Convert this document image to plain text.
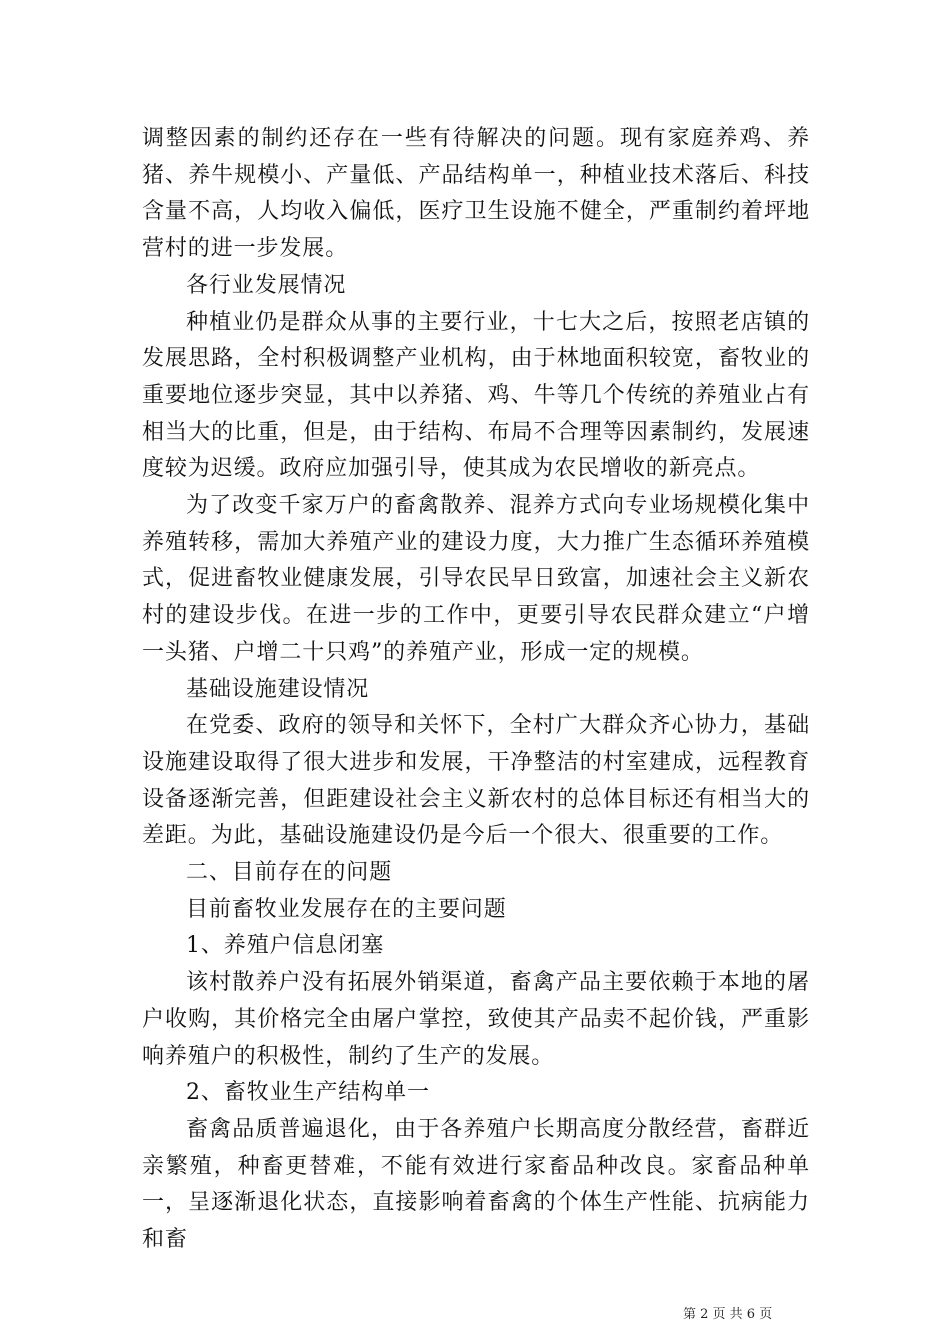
调整因素的制约还存在一些有待解决的问题。现有家庭养鸡、养猪、养牛规模小、产量低、产品结构单一，种植业技术落后、科技含量不高，人均收入偏低，医疗卫生设施不健全，严重制约着坪地营村的进一步发展。

各行业发展情况

种植业仍是群众从事的主要行业，十七大之后，按照老店镇的发展思路，全村积极调整产业机构，由于林地面积较宽，畜牧业的重要地位逐步突显，其中以养猪、鸡、牛等几个传统的养殖业占有相当大的比重，但是，由于结构、布局不合理等因素制约，发展速度较为迟缓。政府应加强引导，使其成为农民增收的新亮点。

为了改变千家万户的畜禽散养、混养方式向专业场规模化集中养殖转移，需加大养殖产业的建设力度，大力推广生态循环养殖模式，促进畜牧业健康发展，引导农民早日致富，加速社会主义新农村的建设步伐。在进一步的工作中，更要引导农民群众建立“户增一头猪、户增二十只鸡”的养殖产业，形成一定的规模。

基础设施建设情况

在党委、政府的领导和关怀下，全村广大群众齐心协力，基础设施建设取得了很大进步和发展，干净整洁的村室建成，远程教育设备逐渐完善，但距建设社会主义新农村的总体目标还有相当大的差距。为此，基础设施建设仍是今后一个很大、很重要的工作。

二、目前存在的问题

目前畜牧业发展存在的主要问题

1、养殖户信息闭塞

该村散养户没有拓展外销渠道，畜禽产品主要依赖于本地的屠户收购，其价格完全由屠户掌控，致使其产品卖不起价钱，严重影响养殖户的积极性，制约了生产的发展。

2、畜牧业生产结构单一

畜禽品质普遍退化，由于各养殖户长期高度分散经营，畜群近亲繁殖，种畜更替难，不能有效进行家畜品种改良。家畜品种单一，呈逐渐退化状态，直接影响着畜禽的个体生产性能、抗病能力和畜

第 2 页 共 6 页
